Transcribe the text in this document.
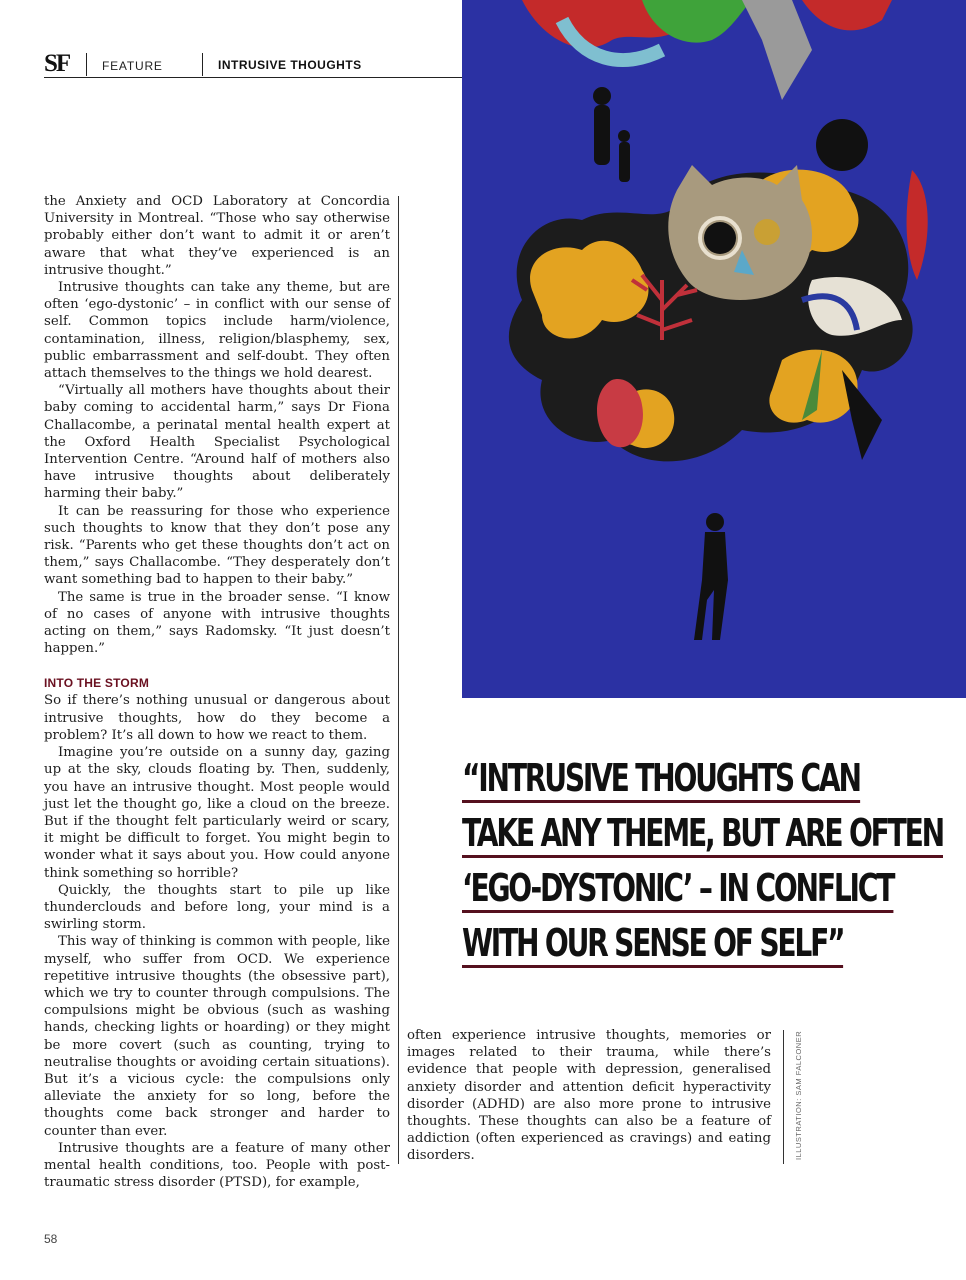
SF	FEATURE	INTRUSIVE THOUGHTS

the Anxiety and OCD Laboratory at Concordia University in Montreal. “Those who say otherwise probably either don’t want to admit it or aren’t aware that what they’ve experienced is an intrusive thought.”

Intrusive thoughts can take any theme, but are often ‘ego-dystonic’ – in conflict with our sense of self. Common topics include harm/violence, contamination, illness, religion/blasphemy, sex, public embarrassment and self-doubt. They often attach themselves to the things we hold dearest.

“Virtually all mothers have thoughts about their baby coming to accidental harm,” says Dr Fiona Challacombe, a perinatal mental health expert at the Oxford Health Specialist Psychological Intervention Centre. “Around half of mothers also have intrusive thoughts about deliberately harming their baby.”

It can be reassuring for those who experience such thoughts to know that they don’t pose any risk. “Parents who get these thoughts don’t act on them,” says Challacombe. “They desperately don’t want something bad to happen to their baby.”

The same is true in the broader sense. “I know of no cases of anyone with intrusive thoughts acting on them,” says Radomsky. “It just doesn’t happen.”

INTO THE STORM

So if there’s nothing unusual or dangerous about intrusive thoughts, how do they become a problem? It’s all down to how we react to them.

Imagine you’re outside on a sunny day, gazing up at the sky, clouds floating by. Then, suddenly, you have an intrusive thought. Most people would just let the thought go, like a cloud on the breeze. But if the thought felt particularly weird or scary, it might be difficult to forget. You might begin to wonder what it says about you. How could anyone think something so horrible?

Quickly, the thoughts start to pile up like thunderclouds and before long, your mind is a swirling storm.

This way of thinking is common with people, like myself, who suffer from OCD. We experience repetitive intrusive thoughts (the obsessive part), which we try to counter through compulsions. The compulsions might be obvious (such as washing hands, checking lights or hoarding) or they might be more covert (such as counting, trying to neutralise thoughts or avoiding certain situations). But it’s a vicious cycle: the compulsions only alleviate the anxiety for so long, before the thoughts come back stronger and harder to counter than ever.

Intrusive thoughts are a feature of many other mental health conditions, too. People with post-traumatic stress disorder (PTSD), for example,

“INTRUSIVE THOUGHTS CAN
TAKE ANY THEME, BUT ARE OFTEN
‘EGO-DYSTONIC’ – IN CONFLICT
WITH OUR SENSE OF SELF”

often experience intrusive thoughts, memories or images related to their trauma, while there’s evidence that people with depression, generalised anxiety disorder and attention deficit hyperactivity disorder (ADHD) are also more prone to intrusive thoughts. These thoughts can also be a feature of addiction (often experienced as cravings) and eating disorders.	ILLUSTRATION: SAM FALCONER
58
